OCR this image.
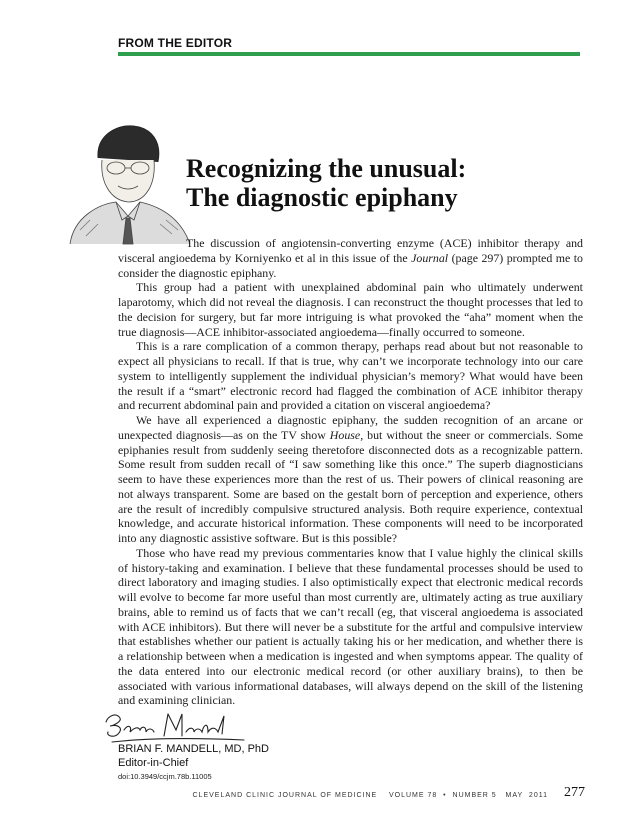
FROM THE EDITOR
Recognizing the unusual:
The diagnostic epiphany

The discussion of angiotensin-converting enzyme (ACE) inhibitor therapy and visceral angioedema by Korniyenko et al in this issue of the Journal (page 297) prompted me to consider the diagnostic epiphany.

This group had a patient with unexplained abdominal pain who ultimately underwent laparotomy, which did not reveal the diagnosis. I can reconstruct the thought processes that led to the decision for surgery, but far more intriguing is what provoked the “aha” moment when the true diagnosis—ACE inhibitor-associated angioedema—finally occurred to someone.

This is a rare complication of a common therapy, perhaps read about but not reasonable to expect all physicians to recall. If that is true, why can’t we incorporate technology into our care system to intelligently supplement the individual physician’s memory? What would have been the result if a “smart” electronic record had flagged the combination of ACE inhibitor therapy and recurrent abdominal pain and provided a citation on visceral angioedema?

We have all experienced a diagnostic epiphany, the sudden recognition of an arcane or unexpected diagnosis—as on the TV show House, but without the sneer or commercials. Some epiphanies result from suddenly seeing theretofore disconnected dots as a recognizable pattern. Some result from sudden recall of “I saw something like this once.” The superb diagnosticians seem to have these experiences more than the rest of us. Their powers of clinical reasoning are not always transparent. Some are based on the gestalt born of perception and experience, others are the result of incredibly compulsive structured analysis. Both require experience, contextual knowledge, and accurate historical information. These components will need to be incorporated into any diagnostic assistive software. But is this possible?

Those who have read my previous commentaries know that I value highly the clinical skills of history-taking and examination. I believe that these fundamental processes should be used to direct laboratory and imaging studies. I also optimistically expect that electronic medical records will evolve to become far more useful than most currently are, ultimately acting as true auxiliary brains, able to remind us of facts that we can’t recall (eg, that visceral angioedema is associated with ACE inhibitors). But there will never be a substitute for the artful and compulsive interview that establishes whether our patient is actually taking his or her medication, and whether there is a relationship between when a medication is ingested and when symptoms appear. The quality of the data entered into our electronic medical record (or other auxiliary brains), to then be associated with various informational databases, will always depend on the skill of the listening and examining clinician.

BRIAN F. MANDELL, MD, PhD
Editor-in-Chief
doi:10.3949/ccjm.78b.11005
CLEVELAND CLINIC JOURNAL OF MEDICINE    VOLUME 78  •  NUMBER 5   MAY  2011 277
